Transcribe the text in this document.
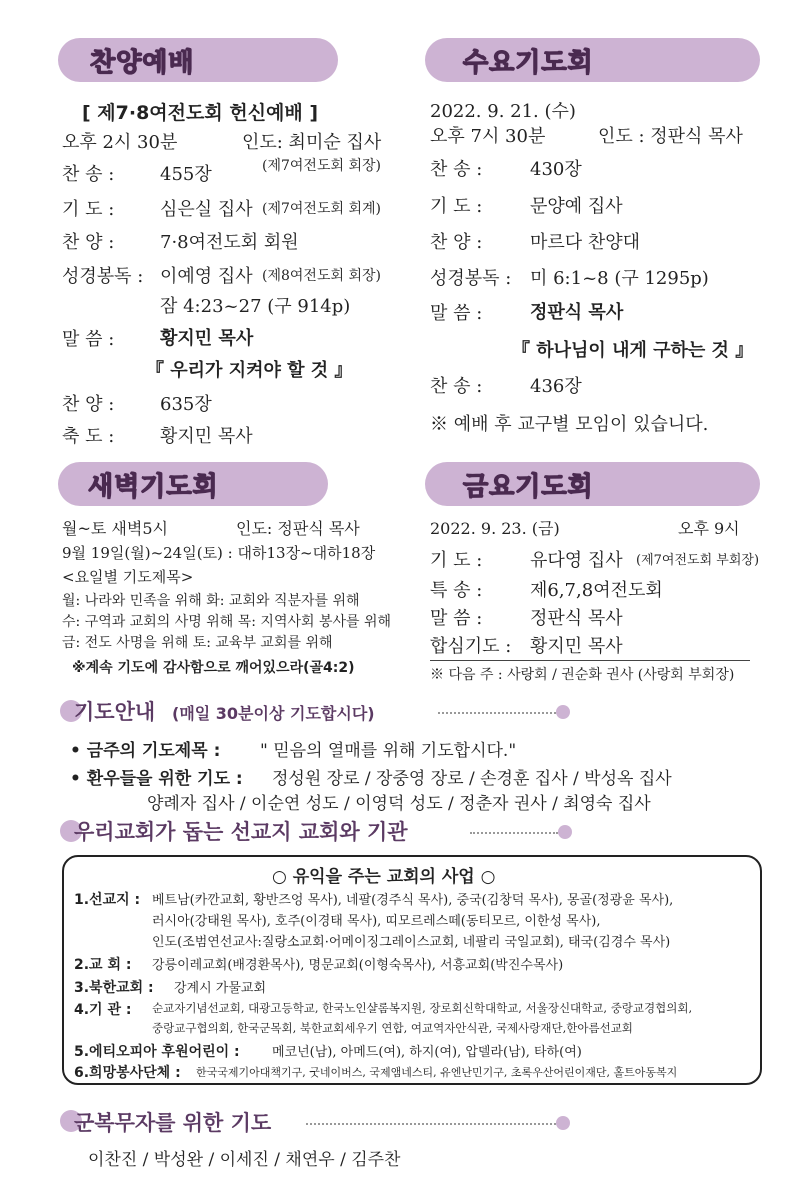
찬양예배
[ 제7·8여전도회 헌신예배 ]
오후 2시 30분	인도: 최미순 집사
(제7여전도회 회장)
찬 송 :	455장
기 도 :	심은실 집사 (제7여전도회 회계)
찬 양 :	7·8여전도회 회원
성경봉독 : 이예영 집사 (제8여전도회 회장)
잠 4:23~27 (구 914p)
말 씀 :	황지민 목사
『 우리가 지켜야 할 것 』
찬 양 :	635장
축 도 :	황지민 목사
수요기도회
2022. 9. 21. (수)
오후 7시 30분	인도 : 정판식 목사
찬 송 :	430장
기 도 :	문양예 집사
찬 양 :	마르다 찬양대
성경봉독 : 미 6:1~8 (구 1295p)
말 씀 :	정판식 목사
『 하나님이 내게 구하는 것 』
찬 송 :	436장
※ 예배 후 교구별 모임이 있습니다.
새벽기도회
월~토 새벽5시	인도: 정판식 목사
9월 19일(월)~24일(토) : 대하13장~대하18장
<요일별 기도제목>
월: 나라와 민족을 위해 화: 교회와 직분자를 위해
수: 구역과 교회의 사명 위해 목: 지역사회 봉사를 위해
금: 전도 사명을 위해 토: 교육부 교회를 위해
※계속 기도에 감사함으로 깨어있으라(골4:2)
금요기도회
2022. 9. 23. (금)	오후 9시
기 도 :	유다영 집사 (제7여전도회 부회장)
특 송 :	제6,7,8여전도회
말 씀 :	정판식 목사
합심기도 : 황지민 목사
※ 다음 주 : 사랑회 / 권순화 권사 (사랑회 부회장)
기도안내 (매일 30분이상 기도합시다)
• 금주의 기도제목 : " 믿음의 열매를 위해 기도합시다."
• 환우들을 위한 기도 : 정성원 장로 / 장중영 장로 / 손경훈 집사 / 박성옥 집사
양례자 집사 / 이순연 성도 / 이영덕 성도 / 정춘자 권사 / 최영숙 집사
우리교회가 돕는 선교지 교회와 기관
○ 유익을 주는 교회의 사업 ○
1.선교지 : 베트남(카깐교회, 황반즈엉 목사), 네팔(경주식 목사), 중국(김창덕 목사), 몽골(정광윤 목사),
러시아(강태원 목사), 호주(이경태 목사), 띠모르레스떼(동티모르, 이한성 목사),
인도(조범연선교사:질랑소교회·어메이징그레이스교회, 네팔리 국일교회), 태국(김경수 목사)
2.교 회 : 강릉이레교회(배경환목사), 명문교회(이형숙목사), 서흥교회(박진수목사)
3.북한교회 : 강계시 가물교회
4.기 관 : 순교자기념선교회, 대광고등학교, 한국노인샬롬복지원, 장로회신학대학교, 서울장신대학교, 중랑교경협의회,
중랑교구협의회, 한국군목회, 북한교회세우기 연합, 여교역자안식관, 국제사랑재단,한아름선교회
5.에티오피아 후원어린이 : 메코넌(남), 아메드(여), 하지(여), 압델라(남), 타하(여)
6.희망봉사단체 : 한국국제기아대책기구, 굿네이버스, 국제앰네스티, 유엔난민기구, 초록우산어린이재단, 홀트아동복지
군복무자를 위한 기도
이찬진 / 박성완 / 이세진 / 채연우 / 김주찬
